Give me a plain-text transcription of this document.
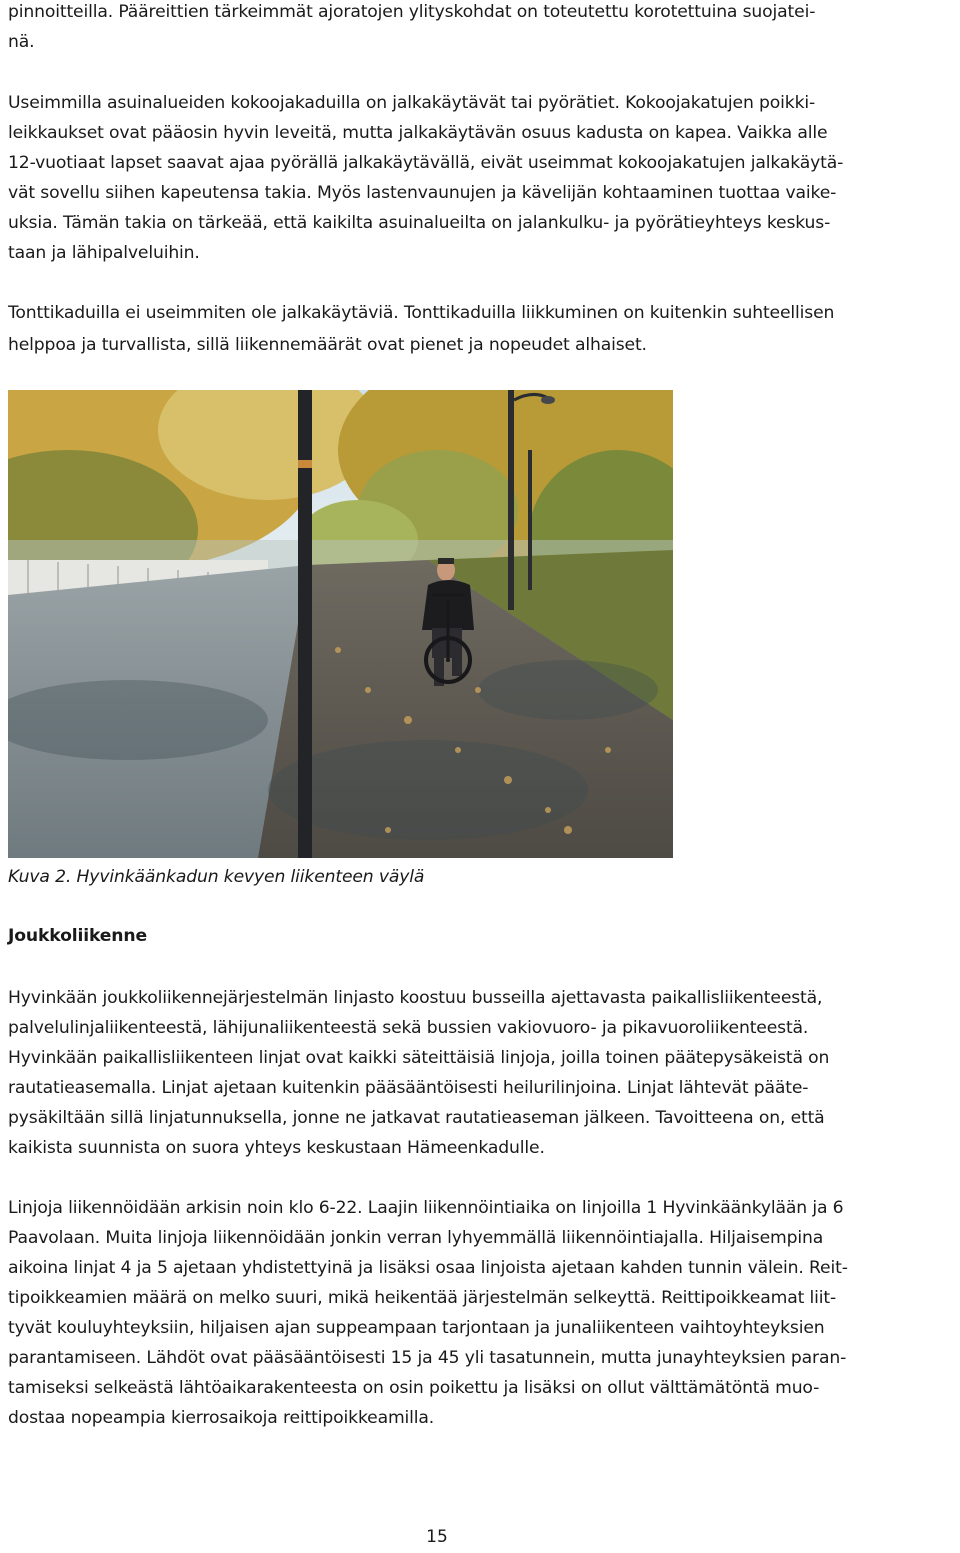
pinnoitteilla. Pääreittien tärkeimmät ajoratojen ylityskohdat on toteutettu korotettuina suojatei-
nä.
Useimmilla asuinalueiden kokoojakaduilla on jalkakäytävät tai pyörätiet. Kokoojakatujen poikki-
leikkaukset ovat pääosin hyvin leveitä, mutta jalkakäytävän osuus kadusta on kapea. Vaikka alle
12-vuotiaat lapset saavat ajaa pyörällä jalkakäytävällä, eivät useimmat kokoojakatujen jalkakäytä-
vät sovellu siihen kapeutensa takia. Myös lastenvaunujen ja kävelijän kohtaaminen tuottaa vaike-
uksia. Tämän takia on tärkeää, että kaikilta asuinalueilta on jalankulku- ja pyörätieyhteys keskus-
taan ja lähipalveluihin.
Tonttikaduilla ei useimmiten ole jalkakäytäviä. Tonttikaduilla liikkuminen on kuitenkin suhteellisen
helppoa ja turvallista, sillä liikennemäärät ovat pienet ja nopeudet alhaiset.
Kuva 2. Hyvinkäänkadun kevyen liikenteen väylä
Joukkoliikenne
Hyvinkään joukkoliikennejärjestelmän linjasto koostuu busseilla ajettavasta paikallisliikenteestä,
palvelulinjaliikenteestä, lähijunaliikenteestä sekä bussien vakiovuoro- ja pikavuoroliikenteestä.
Hyvinkään paikallisliikenteen linjat ovat kaikki säteittäisiä linjoja, joilla toinen päätepysäkeistä on
rautatieasemalla. Linjat ajetaan kuitenkin pääsääntöisesti heilurilinjoina. Linjat lähtevät pääte-
pysäkiltään sillä linjatunnuksella, jonne ne jatkavat rautatieaseman jälkeen. Tavoitteena on, että
kaikista suunnista on suora yhteys keskustaan Hämeenkadulle.
Linjoja liikennöidään arkisin noin klo 6-22. Laajin liikennöintiaika on linjoilla 1 Hyvinkäänkylään ja 6
Paavolaan. Muita linjoja liikennöidään jonkin verran lyhyemmällä liikennöintiajalla. Hiljaisempina
aikoina linjat 4 ja 5 ajetaan yhdistettyinä ja lisäksi osaa linjoista ajetaan kahden tunnin välein. Reit-
tipoikkeamien määrä on melko suuri, mikä heikentää järjestelmän selkeyttä. Reittipoikkeamat liit-
tyvät kouluyhteyksiin, hiljaisen ajan suppeampaan tarjontaan ja junaliikenteen vaihtoyhteyksien
parantamiseen. Lähdöt ovat pääsääntöisesti 15 ja 45 yli tasatunnein, mutta junayhteyksien paran-
tamiseksi selkeästä lähtöaikarakenteesta on osin poikettu ja lisäksi on ollut välttämätöntä muo-
dostaa nopeampia kierrosaikoja reittipoikkeamilla.
15
